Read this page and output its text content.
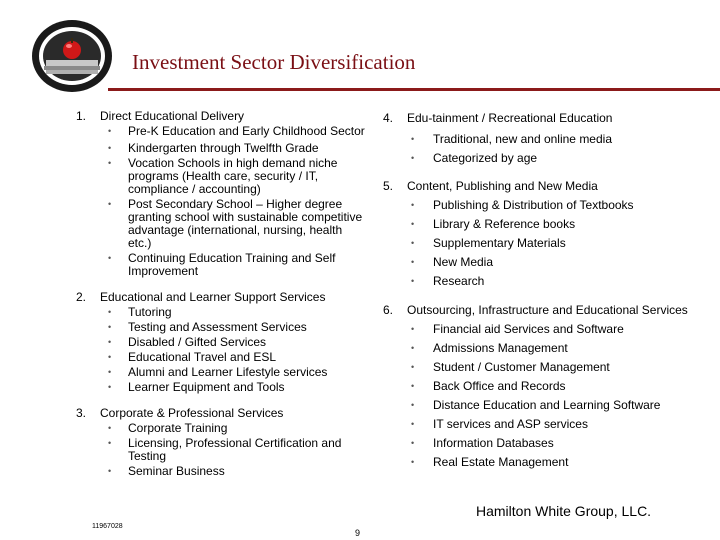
Investment Sector Diversification
1. Direct Educational Delivery
• Pre-K Education and Early Childhood Sector
• Kindergarten through Twelfth Grade
• Vocation Schools in high demand niche programs (Health care, security / IT, compliance / accounting)
• Post Secondary School – Higher degree granting school with sustainable competitive advantage (international, nursing, health etc.)
• Continuing Education Training and Self Improvement
2. Educational and Learner Support Services
• Tutoring
• Testing and Assessment Services
• Disabled / Gifted Services
• Educational Travel and ESL
• Alumni and Learner Lifestyle services
• Learner Equipment and Tools
3. Corporate & Professional Services
• Corporate Training
• Licensing, Professional Certification and Testing
• Seminar Business
4. Edu-tainment / Recreational Education
• Traditional, new and online media
• Categorized by age
5. Content, Publishing and New Media
• Publishing & Distribution of Textbooks
• Library & Reference books
• Supplementary Materials
• New Media
• Research
6. Outsourcing, Infrastructure and Educational Services
• Financial aid Services and Software
• Admissions Management
• Student / Customer Management
• Back Office and Records
• Distance Education and Learning Software
• IT services and ASP services
• Information Databases
• Real Estate Management
Hamilton White Group, LLC.
11967028
9
